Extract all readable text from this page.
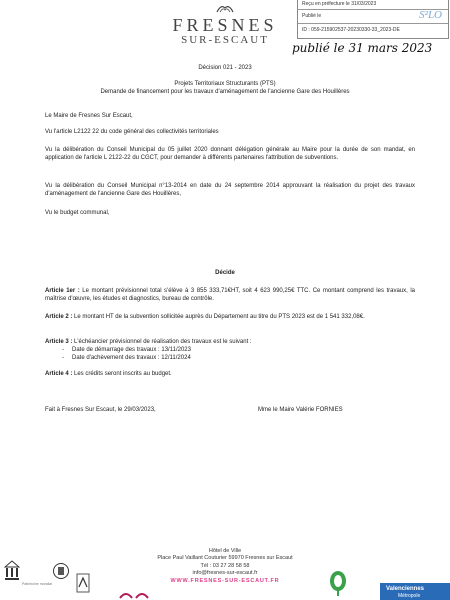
FRESNES
SUR-ESCAUT
Reçu en préfecture le 31/03/2023
Publié le
ID : 059-215902537-20230330-33_2023-DE
S²LO
publié le 31 mars 2023
Décision 021 - 2023
Projets Territoriaux Structurants (PTS)
Demande de financement pour les travaux d'aménagement de l'ancienne Gare des Houillères
Le Maire de Fresnes Sur Escaut,
Vu l'article L2122 22 du code général des collectivités territoriales
Vu la délibération du Conseil Municipal du 05 juillet 2020 donnant délégation générale au Maire pour la durée de son mandat, en application de l'article L 2122-22 du CGCT, pour demander à différents partenaires l'attribution de subventions.
Vu la délibération du Conseil Municipal n°13-2014 en date du 24 septembre 2014 approuvant la réalisation du projet des travaux d'aménagement de l'ancienne Gare des Houillères,
Vu le budget communal,
Décide
Article 1er : Le montant prévisionnel total s'élève à 3 855 333,71€HT, soit 4 623 990,25€ TTC. Ce montant comprend les travaux, la maîtrise d'œuvre, les études et diagnostics, bureau de contrôle.
Article 2 : Le montant HT de la subvention sollicitée auprès du Département au titre du PTS 2023 est de 1 541 332,08€.
Article 3 : L'échéancier prévisionnel de réalisation des travaux est le suivant :
- Date de démarrage des travaux : 13/11/2023
- Date d'achèvement des travaux : 12/11/2024
Article 4 : Les crédits seront inscrits au budget.
Fait à Fresnes Sur Escaut, le 29/03/2023,	Mme le Maire Valérie FORNIES
Hôtel de Ville
Place Paul Vaillant Couturier 59970 Fresnes sur Escaut
Tél : 03 27 28 58 58
info@fresnes-sur-escaut.fr
WWW.FRESNES-SUR-ESCAUT.FR
Patrimoine mondial
Valenciennes
Métropole
